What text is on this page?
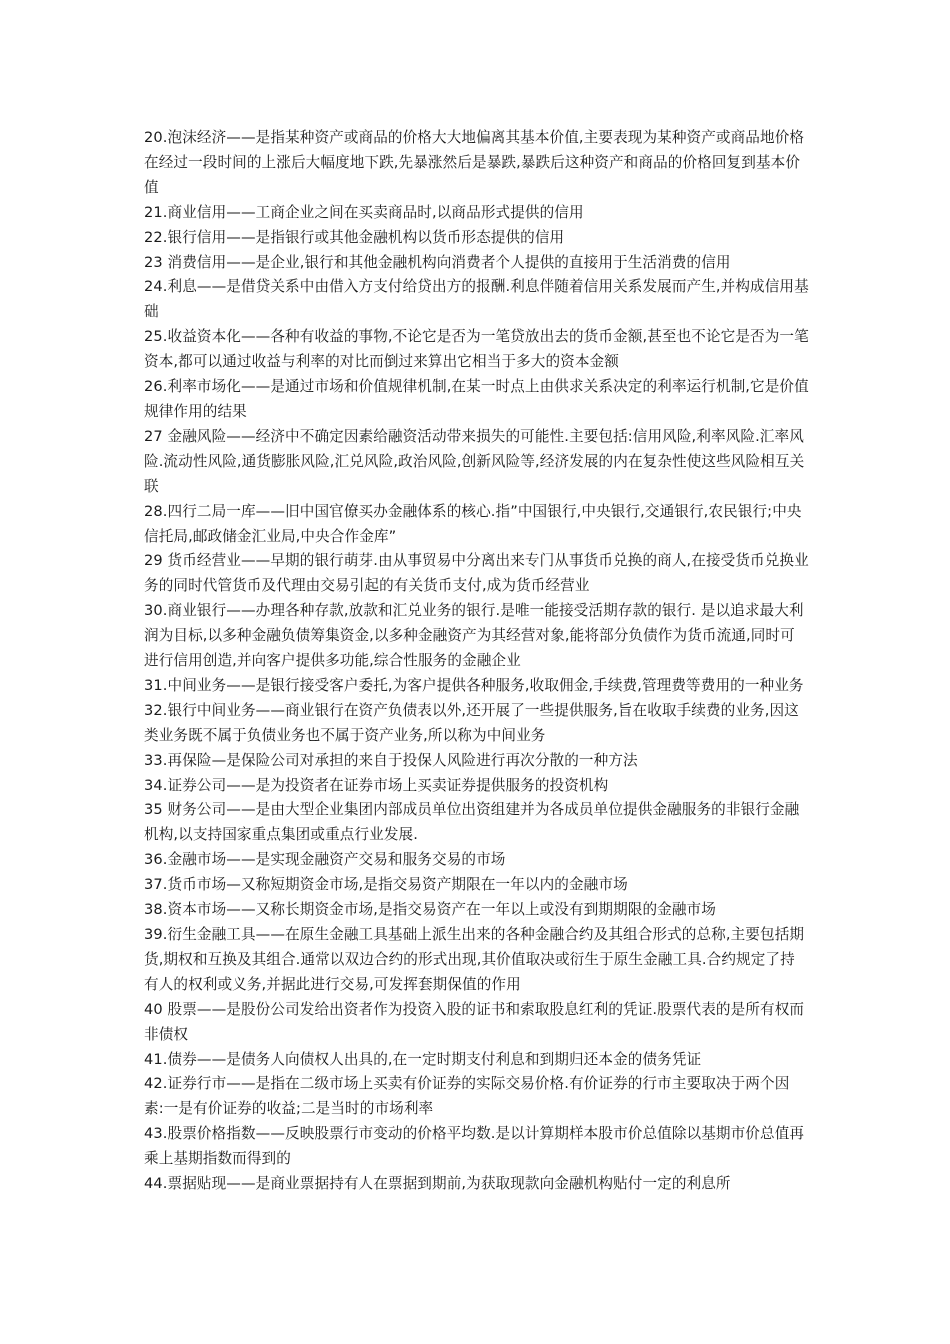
20.泡沫经济——是指某种资产或商品的价格大大地偏离其基本价值,主要表现为某种资产或商品地价格在经过一段时间的上涨后大幅度地下跌,先暴涨然后是暴跌,暴跌后这种资产和商品的价格回复到基本价值

21.商业信用——工商企业之间在买卖商品时,以商品形式提供的信用

22.银行信用——是指银行或其他金融机构以货币形态提供的信用

23 消费信用——是企业,银行和其他金融机构向消费者个人提供的直接用于生活消费的信用

24.利息——是借贷关系中由借入方支付给贷出方的报酬.利息伴随着信用关系发展而产生,并构成信用基础

25.收益资本化——各种有收益的事物,不论它是否为一笔贷放出去的货币金额,甚至也不论它是否为一笔资本,都可以通过收益与利率的对比而倒过来算出它相当于多大的资本金额

26.利率市场化——是通过市场和价值规律机制,在某一时点上由供求关系决定的利率运行机制,它是价值规律作用的结果

27 金融风险——经济中不确定因素给融资活动带来损失的可能性.主要包括:信用风险,利率风险.汇率风险.流动性风险,通货膨胀风险,汇兑风险,政治风险,创新风险等,经济发展的内在复杂性使这些风险相互关联

28.四行二局一库——旧中国官僚买办金融体系的核心.指”中国银行,中央银行,交通银行,农民银行;中央信托局,邮政储金汇业局,中央合作金库”

29 货币经营业——早期的银行萌芽.由从事贸易中分离出来专门从事货币兑换的商人,在接受货币兑换业务的同时代管货币及代理由交易引起的有关货币支付,成为货币经营业

30.商业银行——办理各种存款,放款和汇兑业务的银行.是唯一能接受活期存款的银行. 是以追求最大利润为目标,以多种金融负债筹集资金,以多种金融资产为其经营对象,能将部分负债作为货币流通,同时可进行信用创造,并向客户提供多功能,综合性服务的金融企业

31.中间业务——是银行接受客户委托,为客户提供各种服务,收取佣金,手续费,管理费等费用的一种业务

32.银行中间业务——商业银行在资产负债表以外,还开展了一些提供服务,旨在收取手续费的业务,因这类业务既不属于负债业务也不属于资产业务,所以称为中间业务

33.再保险—是保险公司对承担的来自于投保人风险进行再次分散的一种方法

34.证券公司——是为投资者在证券市场上买卖证券提供服务的投资机构

35 财务公司——是由大型企业集团内部成员单位出资组建并为各成员单位提供金融服务的非银行金融机构,以支持国家重点集团或重点行业发展.

36.金融市场——是实现金融资产交易和服务交易的市场

37.货币市场—又称短期资金市场,是指交易资产期限在一年以内的金融市场

38.资本市场——又称长期资金市场,是指交易资产在一年以上或没有到期期限的金融市场

39.衍生金融工具——在原生金融工具基础上派生出来的各种金融合约及其组合形式的总称,主要包括期货,期权和互换及其组合.通常以双边合约的形式出现,其价值取决或衍生于原生金融工具.合约规定了持有人的权利或义务,并据此进行交易,可发挥套期保值的作用

40 股票——是股份公司发给出资者作为投资入股的证书和索取股息红利的凭证.股票代表的是所有权而非债权

41.债券——是债务人向债权人出具的,在一定时期支付利息和到期归还本金的债务凭证

42.证券行市——是指在二级市场上买卖有价证券的实际交易价格.有价证券的行市主要取决于两个因素:一是有价证券的收益;二是当时的市场利率

43.股票价格指数——反映股票行市变动的价格平均数.是以计算期样本股市价总值除以基期市价总值再乘上基期指数而得到的

44.票据贴现——是商业票据持有人在票据到期前,为获取现款向金融机构贴付一定的利息所
